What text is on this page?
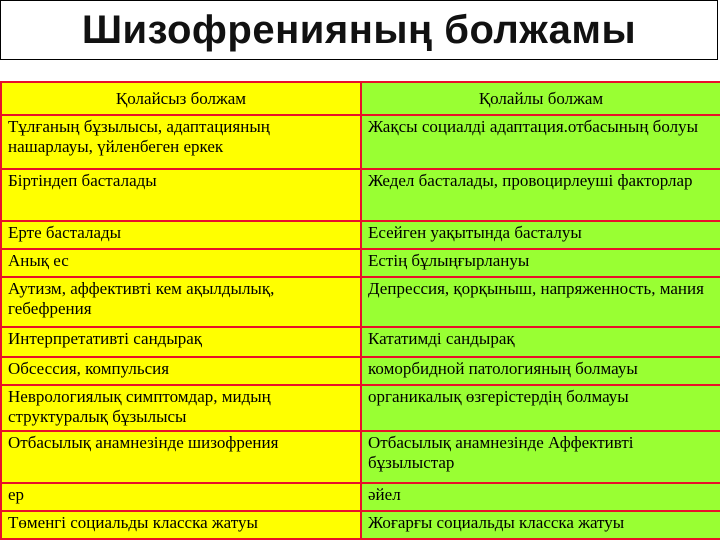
Шизофренияның болжамы
Қолайсыз болжам	Қолайлы болжам
Тұлғаның бұзылысы, адаптацияның нашарлауы, үйленбеген еркек	Жақсы социалді адаптация.отбасының болуы
Біртіндеп басталады	Жедел басталады, провоцирлеуші факторлар
Ерте басталады	Есейген уақытында басталуы
Анық ес	Естің бұлыңғырлануы
Аутизм, аффективті кем ақылдылық, гебефрения	Депрессия, қорқыныш, напряженность, мания
Интерпретативті сандырақ	Кататимді сандырақ
Обсессия, компульсия	коморбидной патологияның болмауы
Неврологиялық симптомдар, мидың структуралық бұзылысы	органикалық өзгерістердің болмауы
Отбасылық анамнезінде шизофрения	Отбасылық анамнезінде Аффективті бұзылыстар
ер	әйел
Төменгі социальды класска жатуы	Жоғарғы социальды класска жатуы
